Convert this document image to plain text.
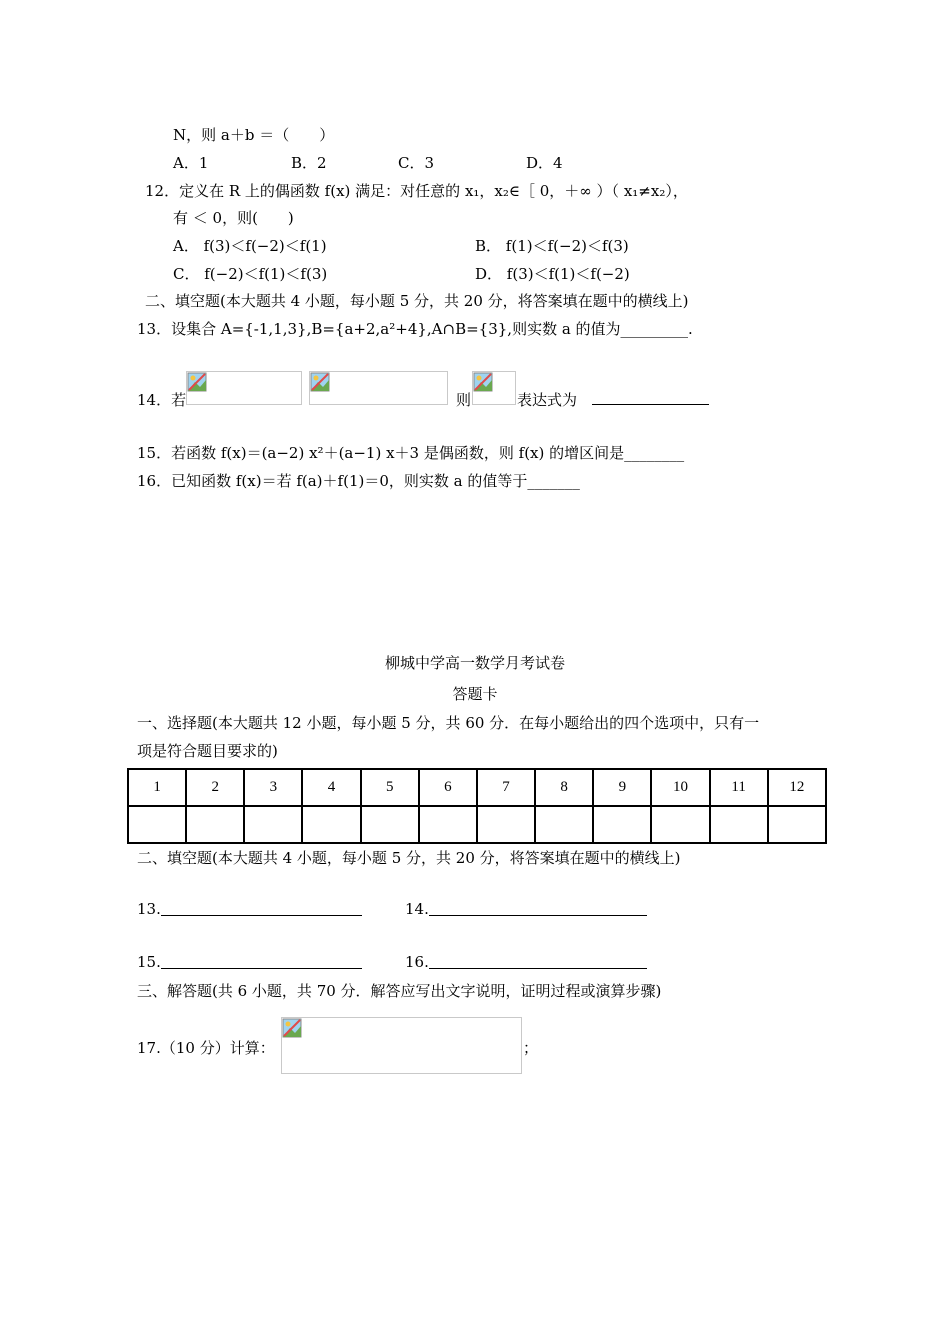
N，则 a＋b ＝（　　）
A．1	B．2	C．3	D．4
12．定义在 R 上的偶函数 f(x) 满足：对任意的 x₁，x₂∈［ 0，＋∞ ）（ x₁≠x₂），
有 ＜ 0，则(　　)
A． f(3)＜f(−2)＜f(1)	B． f(1)＜f(−2)＜f(3)
C． f(−2)＜f(1)＜f(3)	D． f(3)＜f(1)＜f(−2)
二、填空题(本大题共 4 小题，每小题 5 分，共 20 分，将答案填在题中的横线上)
13．设集合 A={-1,1,3},B={a+2,a²+4},A∩B={3},则实数 a 的值为_________.
14．若	则	表达式为
15．若函数 f(x)＝(a−2) x²＋(a−1) x＋3 是偶函数，则 f(x) 的增区间是________
16．已知函数 f(x)＝若 f(a)＋f(1)＝0，则实数 a 的值等于_______
柳城中学高一数学月考试卷
答题卡
一、选择题(本大题共 12 小题，每小题 5 分，共 60 分．在每小题给出的四个选项中，只有一
项是符合题目要求的)
1	2	3	4	5	6	7	8	9	10	11	12

二、填空题(本大题共 4 小题，每小题 5 分，共 20 分，将答案填在题中的横线上)
13.	14.
15.	16.
三、解答题(共 6 小题，共 70 分．解答应写出文字说明，证明过程或演算步骤)
17.（10 分）计算：	；
